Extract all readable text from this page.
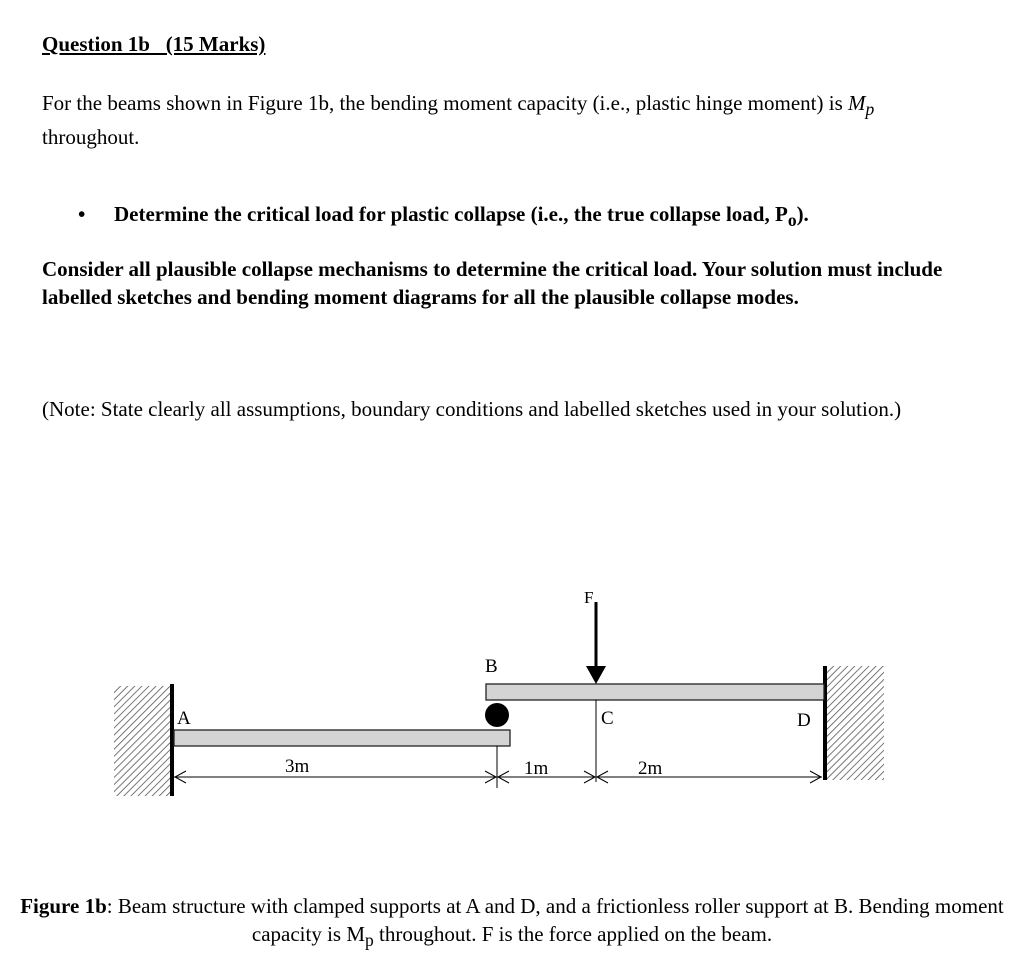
Question 1b   (15 Marks)

For the beams shown in Figure 1b, the bending moment capacity (i.e., plastic hinge moment) is $M_p$ throughout.

• Determine the critical load for plastic collapse (i.e., the true collapse load, $P_o$).

Consider all plausible collapse mechanisms to determine the critical load. Your solution must include labelled sketches and bending moment diagrams for all the plausible collapse modes.

(Note: State clearly all assumptions, boundary conditions and labelled sketches used in your solution.)

A
B
C	D
F
3m	1m	2m

Figure 1b: Beam structure with clamped supports at A and D, and a frictionless roller support at B. Bending moment capacity is $M_p$ throughout. F is the force applied on the beam.
